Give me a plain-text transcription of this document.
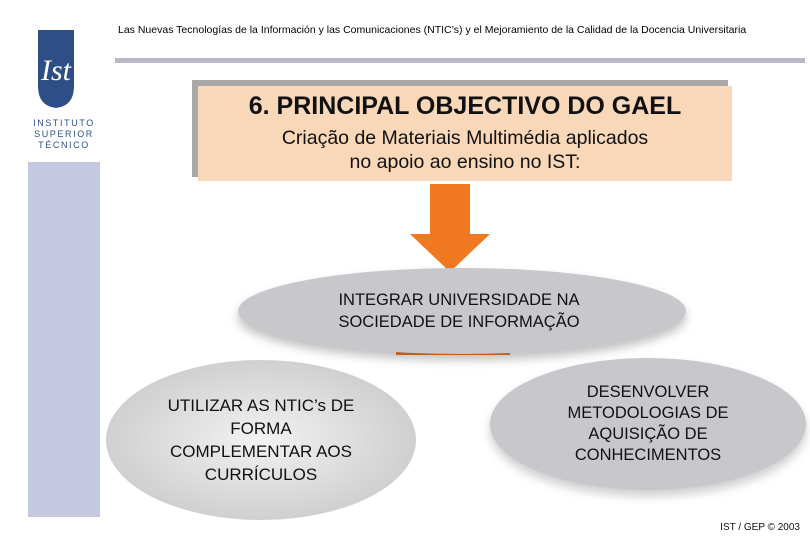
Ist
INSTITUTO
SUPERIOR
TÉCNICO
Las Nuevas Tecnologías de la Información y las Comunicaciones (NTIC’s) y el Mejoramiento de la Calidad de la Docencia Universitaria
6. PRINCIPAL OBJECTIVO DO GAEL
Criação de Materiais Multimédia aplicados
no apoio ao ensino no IST:
INTEGRAR UNIVERSIDADE NA
SOCIEDADE DE INFORMAÇÃO
UTILIZAR AS NTIC’s DE
FORMA
COMPLEMENTAR AOS
CURRÍCULOS
DESENVOLVER
METODOLOGIAS DE
AQUISIÇÃO DE
CONHECIMENTOS
IST / GEP © 2003
